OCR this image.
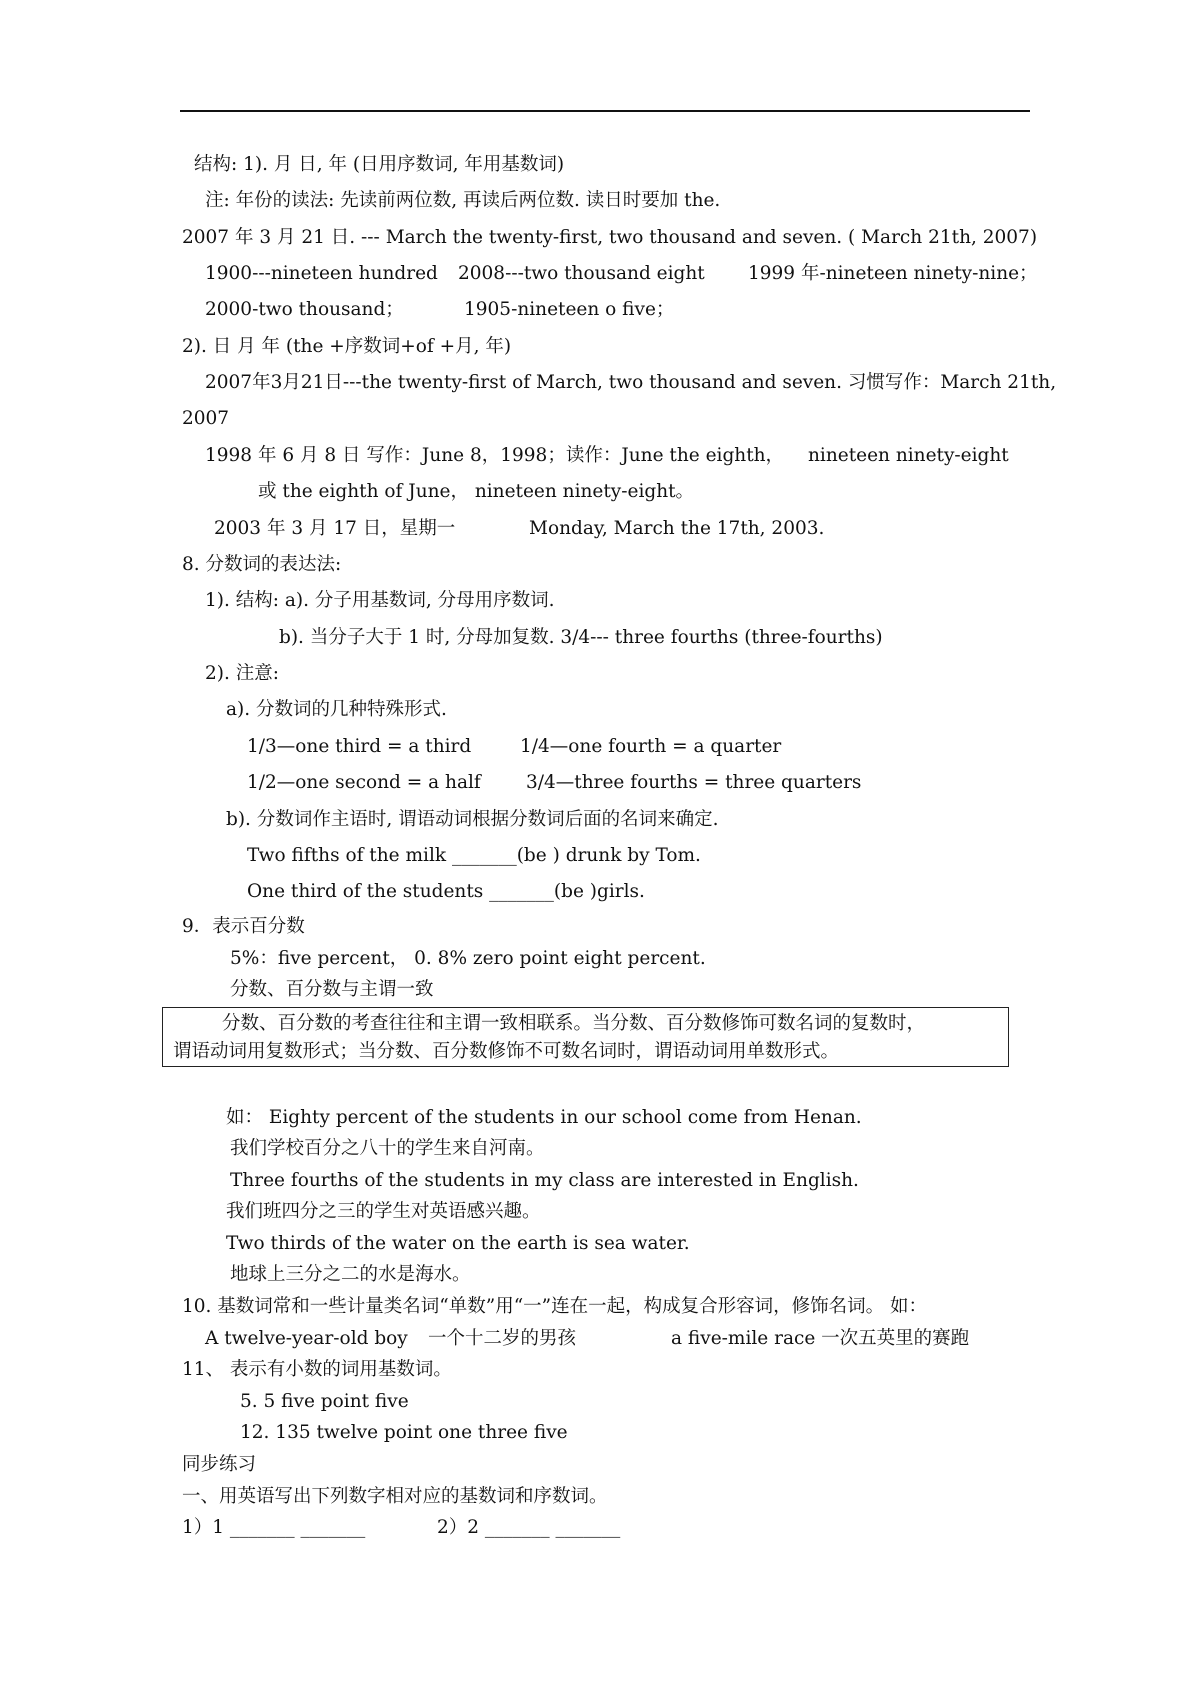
结构: 1). 月 日, 年 (日用序数词, 年用基数词)
注: 年份的读法: 先读前两位数, 再读后两位数. 读日时要加 the.
2007 年 3 月 21 日. --- March the twenty-first, two thousand and seven. ( March 21th, 2007)
1900---nineteen hundred 2008---two thousand eight 1999 年-nineteen ninety-nine；
2000-two thousand；	1905-nineteen o five；
2). 日 月 年 (the +序数词+of +月, 年)
2007年3月21日---the twenty-first of March, two thousand and seven. 习惯写作：March 21th,
2007
1998 年 6 月 8 日 写作：June 8，1998；读作：June the eighth， nineteen ninety-eight
或 the eighth of June， nineteen ninety-eight。
2003 年 3 月 17 日，星期一	Monday, March the 17th, 2003.
8. 分数词的表达法:
1). 结构: a). 分子用基数词, 分母用序数词.
b). 当分子大于 1 时, 分母加复数. 3/4--- three fourths (three-fourths)
2). 注意:
a). 分数词的几种特殊形式.
1/3—one third = a third	1/4—one fourth = a quarter
1/2—one second = a half 3/4—three fourths = three quarters
b). 分数词作主语时, 谓语动词根据分数词后面的名词来确定.
Two fifths of the milk _______(be ) drunk by Tom.
One third of the students _______(be )girls.
9．表示百分数
5%：five percent， 0. 8% zero point eight percent.
分数、百分数与主谓一致
分数、百分数的考查往往和主谓一致相联系。当分数、百分数修饰可数名词的复数时，
谓语动词用复数形式；当分数、百分数修饰不可数名词时，谓语动词用单数形式。
如： Eighty percent of the students in our school come from Henan.
我们学校百分之八十的学生来自河南。
Three fourths of the students in my class are interested in English.
我们班四分之三的学生对英语感兴趣。
Two thirds of the water on the earth is sea water.
地球上三分之二的水是海水。
10. 基数词常和一些计量类名词“单数”用“一”连在一起，构成复合形容词，修饰名词。 如：
A twelve-year-old boy 一个十二岁的男孩	a five-mile race 一次五英里的赛跑
11、 表示有小数的词用基数词。
5. 5 five point five
12. 135 twelve point one three five
同步练习
一、用英语写出下列数字相对应的基数词和序数词。
1）1 _______ _______	2）2 _______ _______
